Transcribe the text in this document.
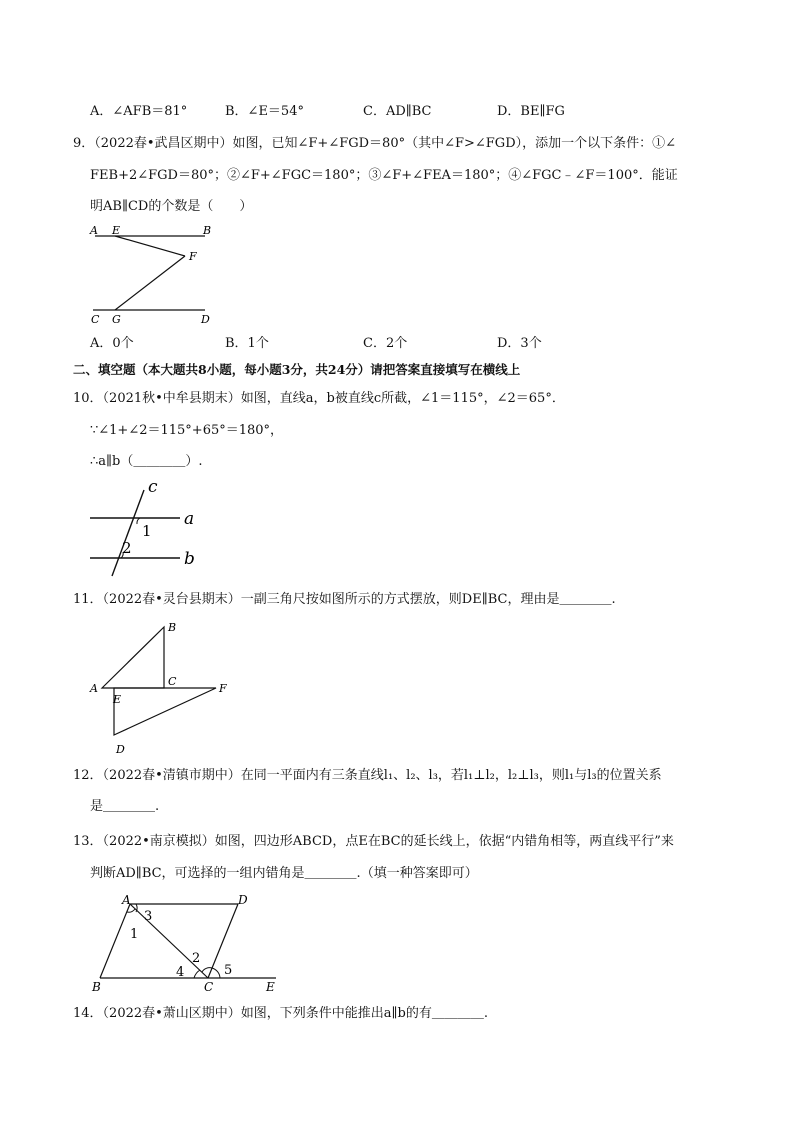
A．∠AFB＝81°	B．∠E＝54°	C．AD∥BC	D．BE∥FG
9．（2022春•武昌区期中）如图，已知∠F+∠FGD＝80°（其中∠F>∠FGD），添加一个以下条件：①∠
FEB+2∠FGD＝80°；②∠F+∠FGC＝180°；③∠F+∠FEA＝180°；④∠FGC﹣∠F＝100°．能证
明AB∥CD的个数是（　　）
A E	B
F
C G	D
A．0个	B．1个	C．2个	D．3个
二、填空题（本大题共8小题，每小题3分，共24分）请把答案直接填写在横线上
10．（2021秋•中牟县期末）如图，直线a，b被直线c所截，∠1＝115°，∠2＝65°．
∵∠1+∠2＝115°+65°＝180°，
∴a∥b（＿＿＿＿）.
c
a
b
1
2
11．（2022春•灵台县期末）一副三角尺按如图所示的方式摆放，则DE∥BC，理由是＿＿＿＿.
B
A
C
F
E
D
12．（2022春•清镇市期中）在同一平面内有三条直线l₁、l₂、l₃，若l₁⊥l₂，l₂⊥l₃，则l₁与l₃的位置关系
是＿＿＿＿.
13．（2022•南京模拟）如图，四边形ABCD，点E在BC的延长线上，依据“内错角相等，两直线平行”来
判断AD∥BC，可选择的一组内错角是＿＿＿＿.（填一种答案即可）
A	D
3
1
2
4	5
B	C	E
14．（2022春•萧山区期中）如图，下列条件中能推出a∥b的有＿＿＿＿.
